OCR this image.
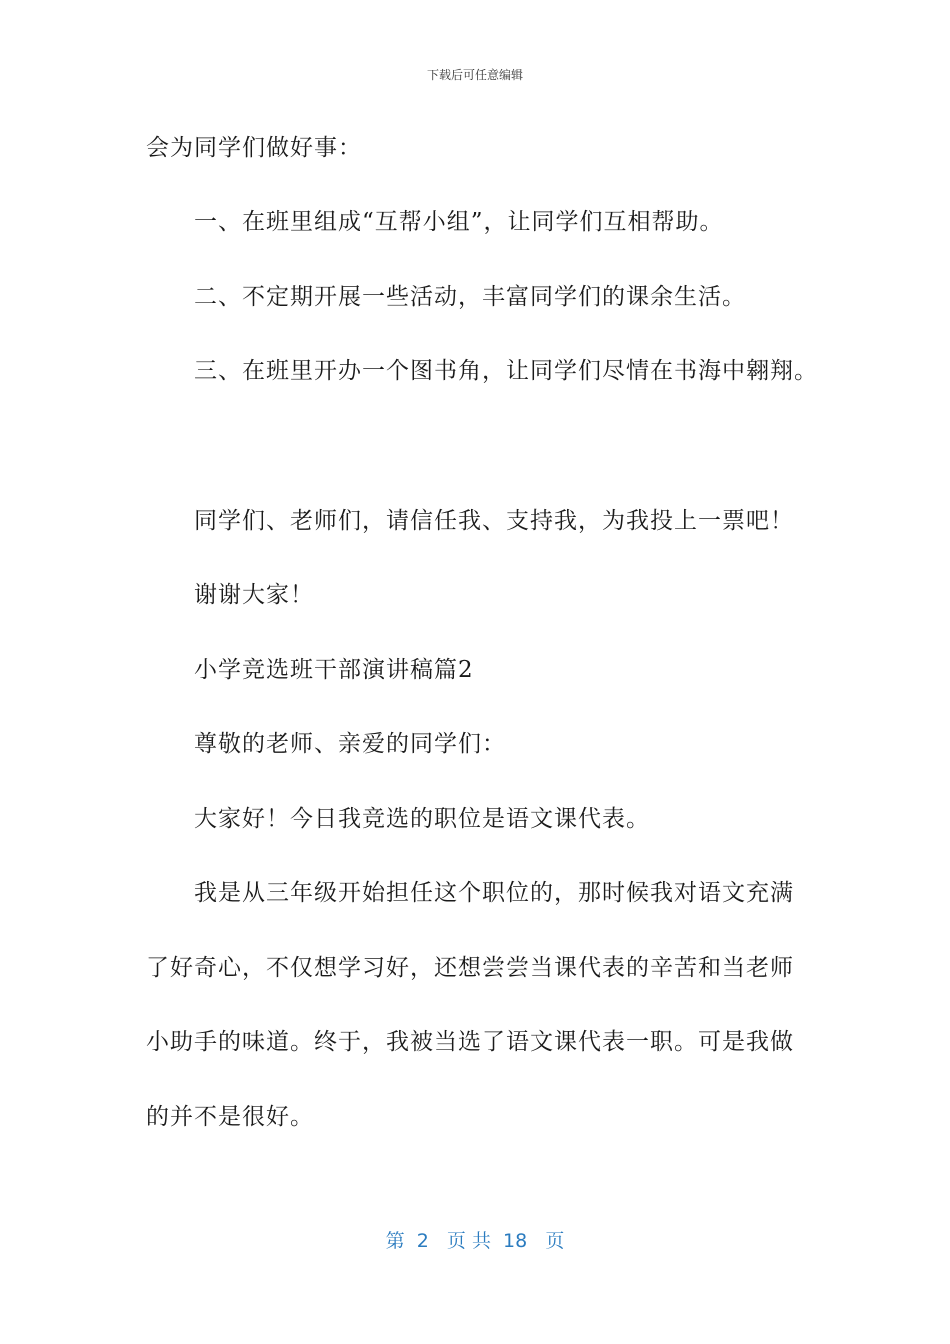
下载后可任意编辑
会为同学们做好事：
一、在班里组成“互帮小组”，让同学们互相帮助。
二、不定期开展一些活动，丰富同学们的课余生活。
三、在班里开办一个图书角，让同学们尽情在书海中翱翔。
同学们、老师们，请信任我、支持我，为我投上一票吧！
谢谢大家！
小学竞选班干部演讲稿篇2
尊敬的老师、亲爱的同学们：
大家好！今日我竞选的职位是语文课代表。
我是从三年级开始担任这个职位的，那时候我对语文充满
了好奇心，不仅想学习好，还想尝尝当课代表的辛苦和当老师
小助手的味道。终于，我被当选了语文课代表一职。可是我做
的并不是很好。
第  2   页 共  18   页
